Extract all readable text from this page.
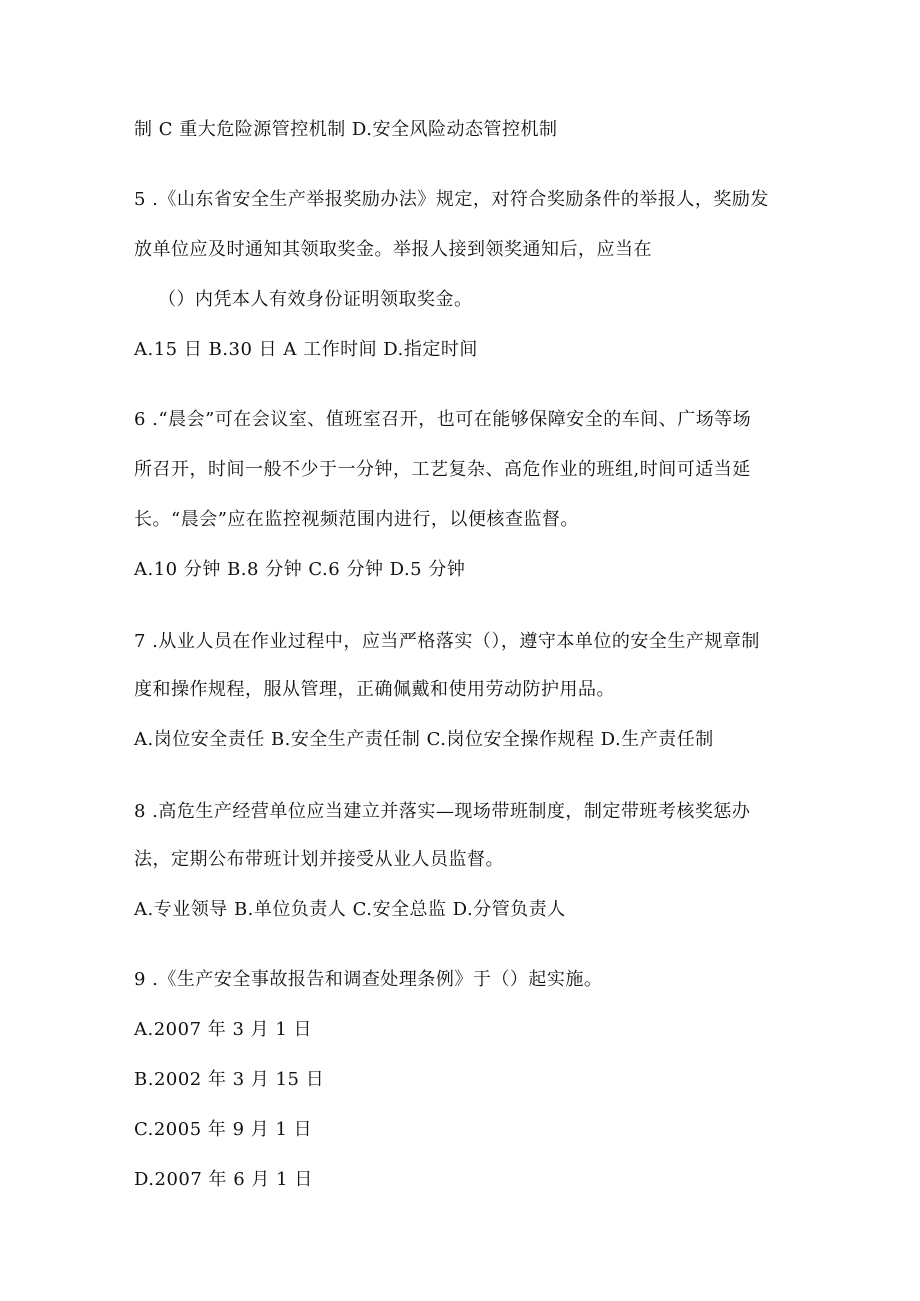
制 C 重大危险源管控机制 D.安全风险动态管控机制
5 .《山东省安全生产举报奖励办法》规定，对符合奖励条件的举报人，奖励发
放单位应及时通知其领取奖金。举报人接到领奖通知后，应当在
（）内凭本人有效身份证明领取奖金。
A.15 日 B.30 日 A 工作时间 D.指定时间
6 .“晨会”可在会议室、值班室召开，也可在能够保障安全的车间、广场等场
所召开，时间一般不少于一分钟，工艺复杂、高危作业的班组,时间可适当延
长。“晨会”应在监控视频范围内进行，以便核查监督。
A.10 分钟 B.8 分钟 C.6 分钟 D.5 分钟
7 .从业人员在作业过程中，应当严格落实（），遵守本单位的安全生产规章制
度和操作规程，服从管理，正确佩戴和使用劳动防护用品。
A.岗位安全责任 B.安全生产责任制 C.岗位安全操作规程 D.生产责任制
8 .高危生产经营单位应当建立并落实—现场带班制度，制定带班考核奖惩办
法，定期公布带班计划并接受从业人员监督。
A.专业领导 B.单位负责人 C.安全总监 D.分管负责人
9 .《生产安全事故报告和调查处理条例》于（）起实施。
A.2007 年 3 月 1 日
B.2002 年 3 月 15 日
C.2005 年 9 月 1 日
D.2007 年 6 月 1 日
